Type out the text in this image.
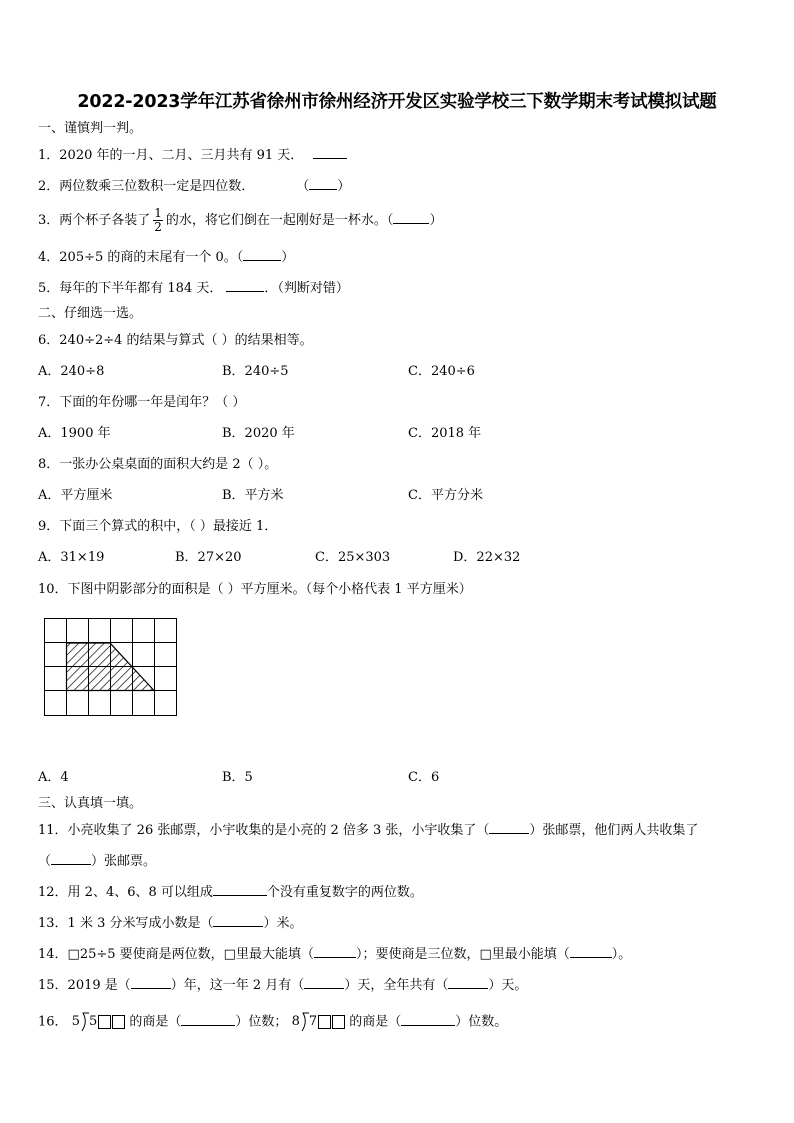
2022-2023学年江苏省徐州市徐州经济开发区实验学校三下数学期末考试模拟试题
一、谨慎判一判。
1．2020 年的一月、二月、三月共有 91 天．
2．两位数乘三位数积一定是四位数．	（ ）
3．两个杯子各装了 $\frac{1}{2}$ 的水，将它们倒在一起刚好是一杯水。（	）
4．205÷5 的商的末尾有一个 0。（	）
5．每年的下半年都有 184 天．	．（判断对错）
二、仔细选一选。
6．240÷2÷4 的结果与算式（ ）的结果相等。
A．240÷8	B．240÷5	C．240÷6
7．下面的年份哪一年是闰年？（ ）
A．1900 年	B．2020 年	C．2018 年
8．一张办公桌桌面的面积大约是 2（ ）。
A．平方厘米	B．平方米	C．平方分米
9．下面三个算式的积中，（ ）最接近 1．
A．31×19	B．27×20	C．25×303	D．22×32
10．下图中阴影部分的面积是（ ）平方厘米。（每个小格代表 1 平方厘米）
A．4	B．5	C．6
三、认真填一填。
11．小亮收集了 26 张邮票，小宇收集的是小亮的 2 倍多 3 张，小宇收集了（	）张邮票，他们两人共收集了
（	）张邮票。
12．用 2、4、6、8 可以组成	个没有重复数字的两位数。
13．1 米 3 分米写成小数是（	）米。
14．□25÷5 要使商是两位数，□里最大能填（	）；要使商是三位数，□里最小能填（	）。
15．2019 是（	）年，这一年 2 月有（	）天，全年共有（	）天。
16． 5 5 的商是（	）位数； 8 7 的商是（	）位数。
